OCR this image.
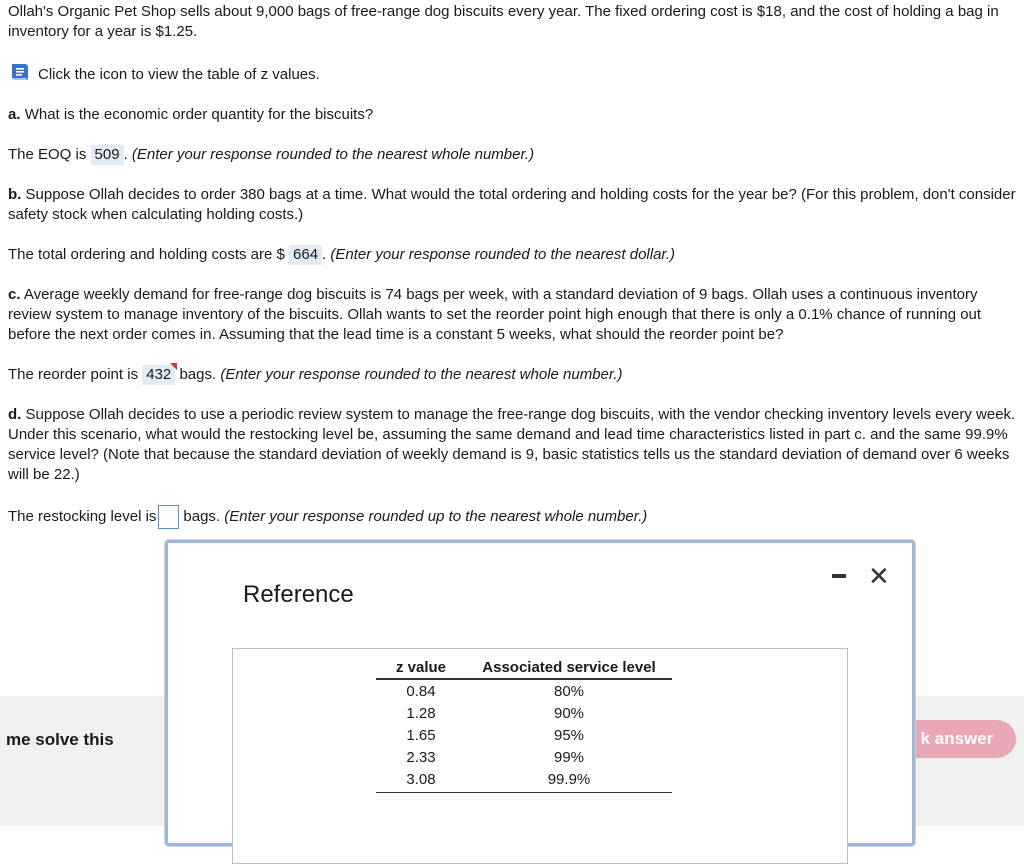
Ollah's Organic Pet Shop sells about 9,000 bags of free-range dog biscuits every year. The fixed ordering cost is $18, and the cost of holding a bag in inventory for a year is $1.25.

Click the icon to view the table of z values.

a. What is the economic order quantity for the biscuits?

The EOQ is 509 . (Enter your response rounded to the nearest whole number.)

b. Suppose Ollah decides to order 380 bags at a time. What would the total ordering and holding costs for the year be? (For this problem, don't consider safety stock when calculating holding costs.)

The total ordering and holding costs are $ 664 . (Enter your response rounded to the nearest dollar.)

c. Average weekly demand for free-range dog biscuits is 74 bags per week, with a standard deviation of 9 bags. Ollah uses a continuous inventory review system to manage inventory of the biscuits. Ollah wants to set the reorder point high enough that there is only a 0.1% chance of running out before the next order comes in. Assuming that the lead time is a constant 5 weeks, what should the reorder point be?

The reorder point is 432 bags. (Enter your response rounded to the nearest whole number.)

d. Suppose Ollah decides to use a periodic review system to manage the free-range dog biscuits, with the vendor checking inventory levels every week. Under this scenario, what would the restocking level be, assuming the same demand and lead time characteristics listed in part c. and the same 99.9% service level? (Note that because the standard deviation of weekly demand is 9, basic statistics tells us the standard deviation of demand over 6 weeks will be 22.)

The restocking level is bags. (Enter your response rounded up to the nearest whole number.)

me solve this	k answer
Reference
✕
z value	Associated service level
0.84	80%
1.28	90%
1.65	95%
2.33	99%
3.08	99.9%
